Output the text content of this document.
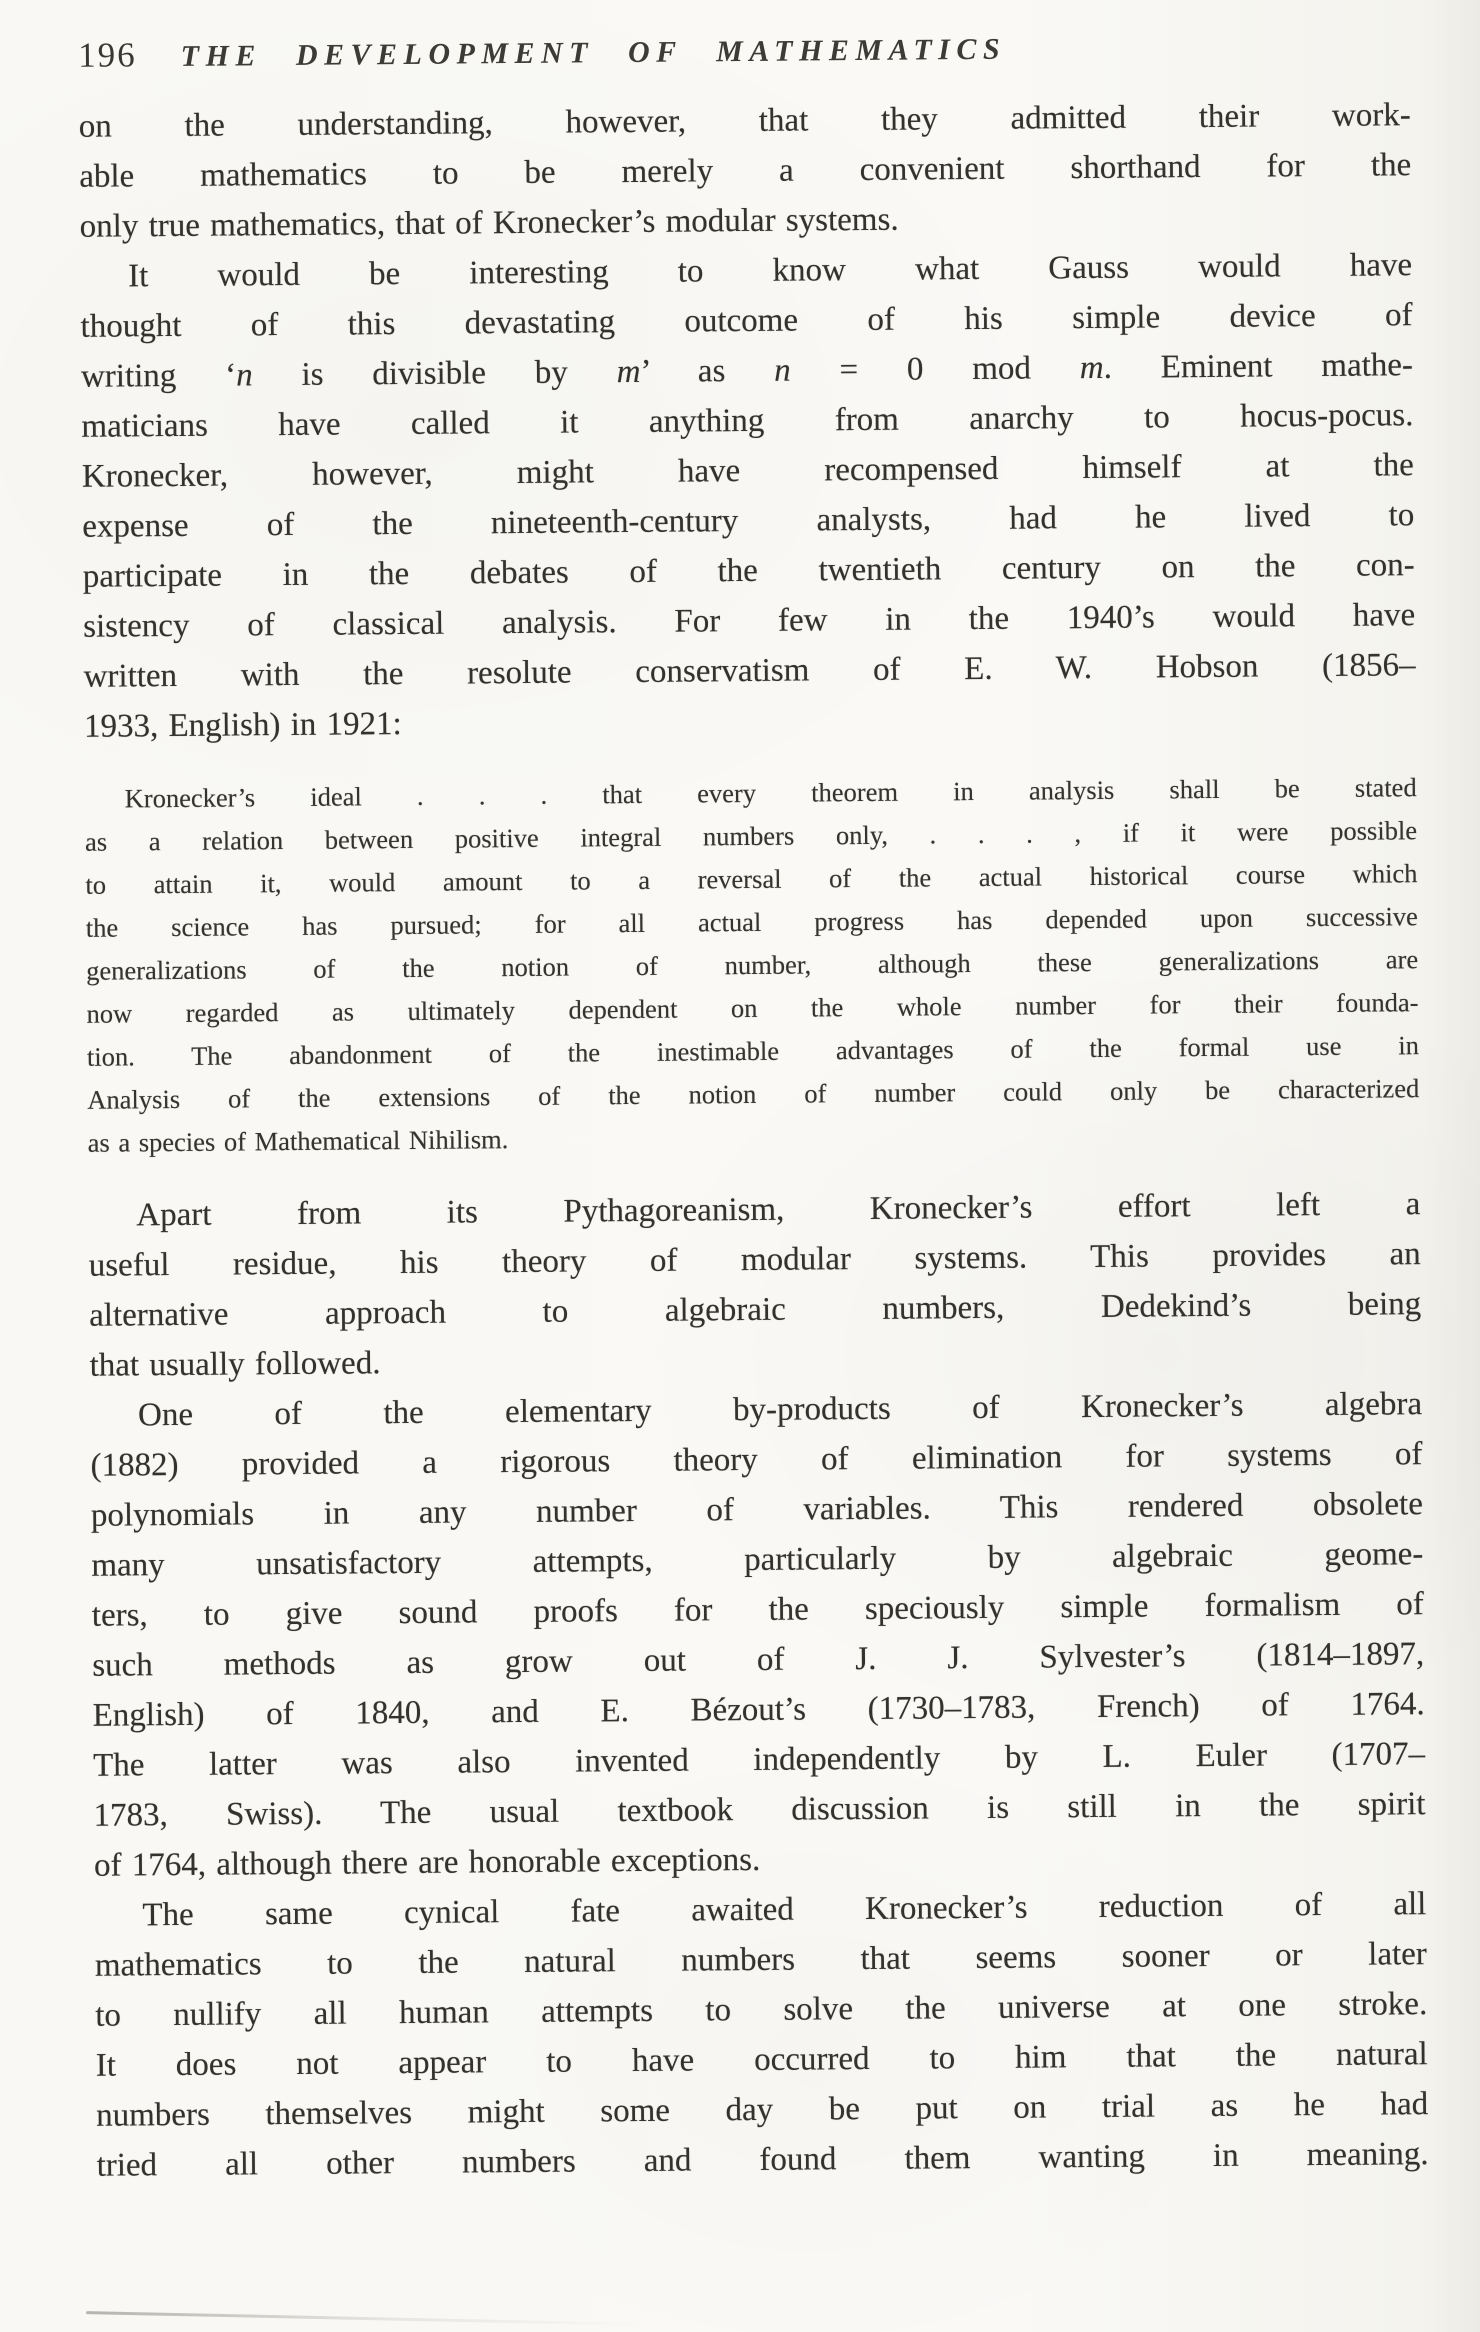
196 THE DEVELOPMENT OF MATHEMATICS
on the understanding, however, that they admitted their work-
able mathematics to be merely a convenient shorthand for the
only true mathematics, that of Kronecker’s modular systems.
It would be interesting to know what Gauss would have
thought of this devastating outcome of his simple device of
writing ‘n is divisible by m’ as n = 0 mod m. Eminent mathe-
maticians have called it anything from anarchy to hocus-pocus.
Kronecker, however, might have recompensed himself at the
expense of the nineteenth-century analysts, had he lived to
participate in the debates of the twentieth century on the con-
sistency of classical analysis. For few in the 1940’s would have
written with the resolute conservatism of E. W. Hobson (1856–
1933, English) in 1921:
Kronecker’s ideal . . . that every theorem in analysis shall be stated
as a relation between positive integral numbers only, . . . , if it were possible
to attain it, would amount to a reversal of the actual historical course which
the science has pursued; for all actual progress has depended upon successive
generalizations of the notion of number, although these generalizations are
now regarded as ultimately dependent on the whole number for their founda-
tion. The abandonment of the inestimable advantages of the formal use in
Analysis of the extensions of the notion of number could only be characterized
as a species of Mathematical Nihilism.
Apart from its Pythagoreanism, Kronecker’s effort left a
useful residue, his theory of modular systems. This provides an
alternative approach to algebraic numbers, Dedekind’s being
that usually followed.
One of the elementary by-products of Kronecker’s algebra
(1882) provided a rigorous theory of elimination for systems of
polynomials in any number of variables. This rendered obsolete
many unsatisfactory attempts, particularly by algebraic geome-
ters, to give sound proofs for the speciously simple formalism of
such methods as grow out of J. J. Sylvester’s (1814–1897,
English) of 1840, and E. Bézout’s (1730–1783, French) of 1764.
The latter was also invented independently by L. Euler (1707–
1783, Swiss). The usual textbook discussion is still in the spirit
of 1764, although there are honorable exceptions.
The same cynical fate awaited Kronecker’s reduction of all
mathematics to the natural numbers that seems sooner or later
to nullify all human attempts to solve the universe at one stroke.
It does not appear to have occurred to him that the natural
numbers themselves might some day be put on trial as he had
tried all other numbers and found them wanting in meaning.
